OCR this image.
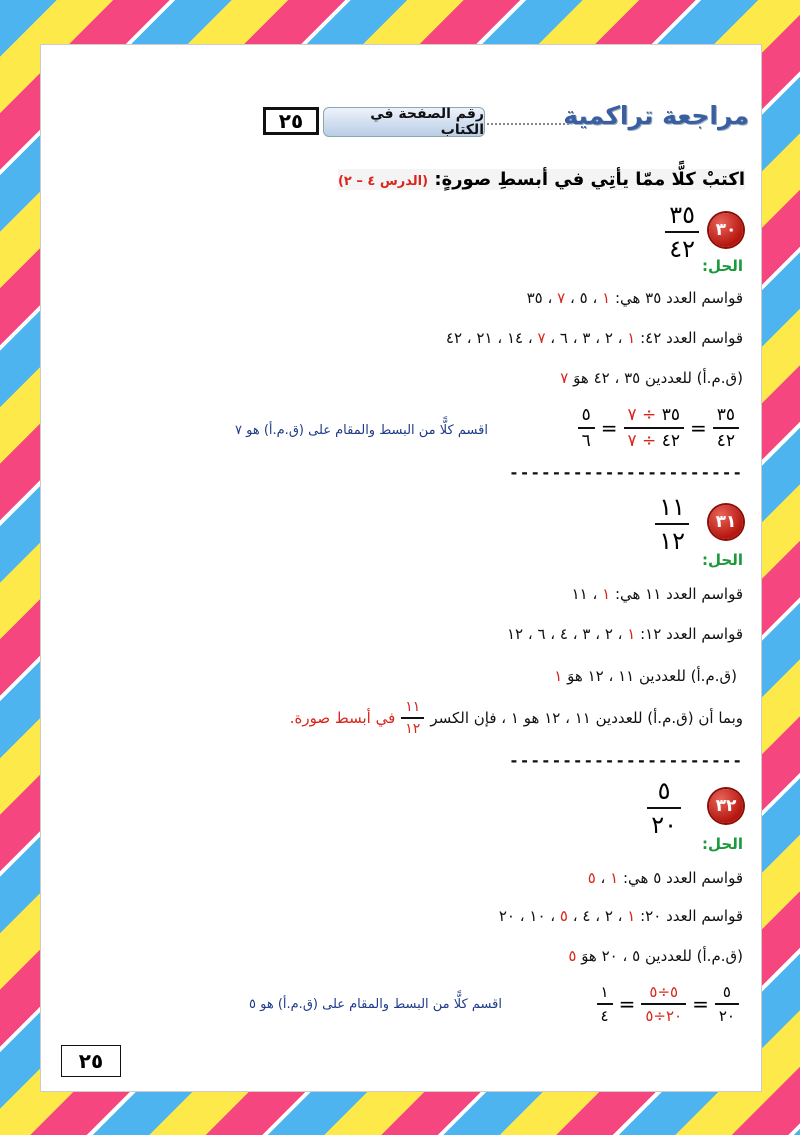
مراجعة تراكمية
رقم الصفحة في الكتاب
٢٥
اكتبْ كلًّا ممّا يأتِي في أبسطِ صورةٍ: (الدرس ٤ – ٢)
٣٠
٣٥
٤٢
الحل:
قواسم العدد ٣٥ هي: ١ ، ٥ ، ٧ ، ٣٥
قواسم العدد ٤٢: ١ ، ٢ ، ٣ ، ٦ ، ٧ ، ١٤ ، ٢١ ، ٤٢
(ق.م.أ) للعددين ٣٥ ، ٤٢ هوَ ٧
$\frac{٣٥}{٤٢}$
=
$\frac{٣٥ \div ٧}{٤٢ \div ٧}$
=
$\frac{٥}{٦}$
اقسم كلًّا من البسط والمقام على (ق.م.أ) هو ٧
----------------------
٣١
١١
١٢
الحل:
قواسم العدد ١١ هي: ١ ، ١١
قواسم العدد ١٢: ١ ، ٢ ، ٣ ، ٤ ، ٦ ، ١٢
(ق.م.أ) للعددين ١١ ، ١٢ هوَ ١
وبما أن (ق.م.أ) للعددين ١١ ، ١٢ هو ١ ، فإن الكسر
$\frac{١١}{١٢}$
في أبسط صورة.
----------------------
٣٢
٥
٢٠
الحل:
قواسم العدد ٥ هي: ١ ، ٥
قواسم العدد ٢٠: ١ ، ٢ ، ٤ ، ٥ ، ١٠ ، ٢٠
(ق.م.أ) للعددين ٥ ، ٢٠ هوَ ٥
$\frac{٥}{٢٠}$
=
$\frac{٥\div ٥}{٢٠\div ٥}$
=
$\frac{١}{٤}$
اقسم كلًّا من البسط والمقام على (ق.م.أ) هو ٥
٢٥
